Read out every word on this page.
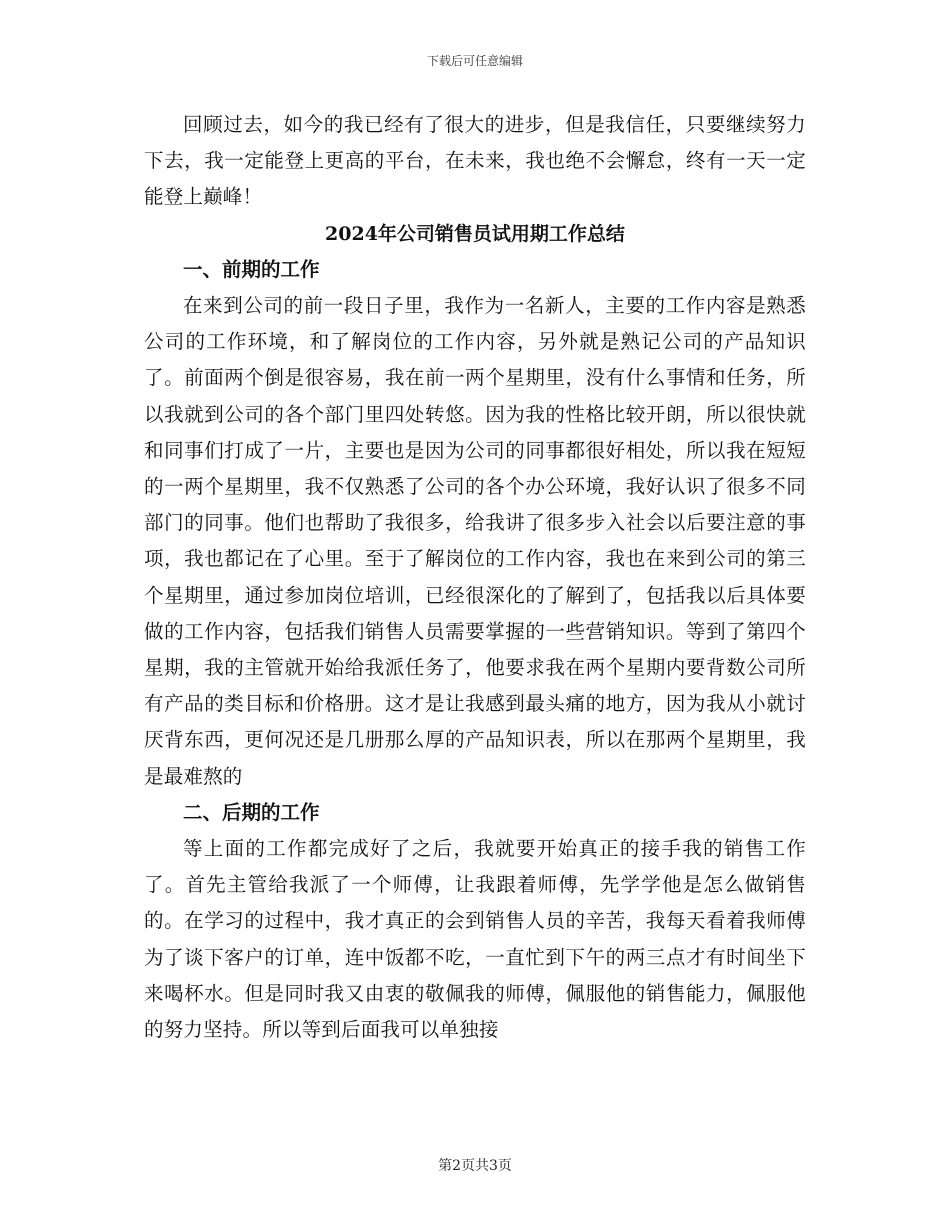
下载后可任意编辑

回顾过去，如今的我已经有了很大的进步，但是我信任，只要继续努力下去，我一定能登上更高的平台，在未来，我也绝不会懈怠，终有一天一定能登上巅峰！

2024年公司销售员试用期工作总结

一、前期的工作

在来到公司的前一段日子里，我作为一名新人，主要的工作内容是熟悉公司的工作环境，和了解岗位的工作内容，另外就是熟记公司的产品知识了。前面两个倒是很容易，我在前一两个星期里，没有什么事情和任务，所以我就到公司的各个部门里四处转悠。因为我的性格比较开朗，所以很快就和同事们打成了一片，主要也是因为公司的同事都很好相处，所以我在短短的一两个星期里，我不仅熟悉了公司的各个办公环境，我好认识了很多不同部门的同事。他们也帮助了我很多，给我讲了很多步入社会以后要注意的事项，我也都记在了心里。至于了解岗位的工作内容，我也在来到公司的第三个星期里，通过参加岗位培训，已经很深化的了解到了，包括我以后具体要做的工作内容，包括我们销售人员需要掌握的一些营销知识。等到了第四个星期，我的主管就开始给我派任务了，他要求我在两个星期内要背数公司所有产品的类目标和价格册。这才是让我感到最头痛的地方，因为我从小就讨厌背东西，更何况还是几册那么厚的产品知识表，所以在那两个星期里，我是最难熬的

二、后期的工作

等上面的工作都完成好了之后，我就要开始真正的接手我的销售工作了。首先主管给我派了一个师傅，让我跟着师傅，先学学他是怎么做销售的。在学习的过程中，我才真正的会到销售人员的辛苦，我每天看着我师傅为了谈下客户的订单，连中饭都不吃，一直忙到下午的两三点才有时间坐下来喝杯水。但是同时我又由衷的敬佩我的师傅，佩服他的销售能力，佩服他的努力坚持。所以等到后面我可以单独接

第2页共3页
